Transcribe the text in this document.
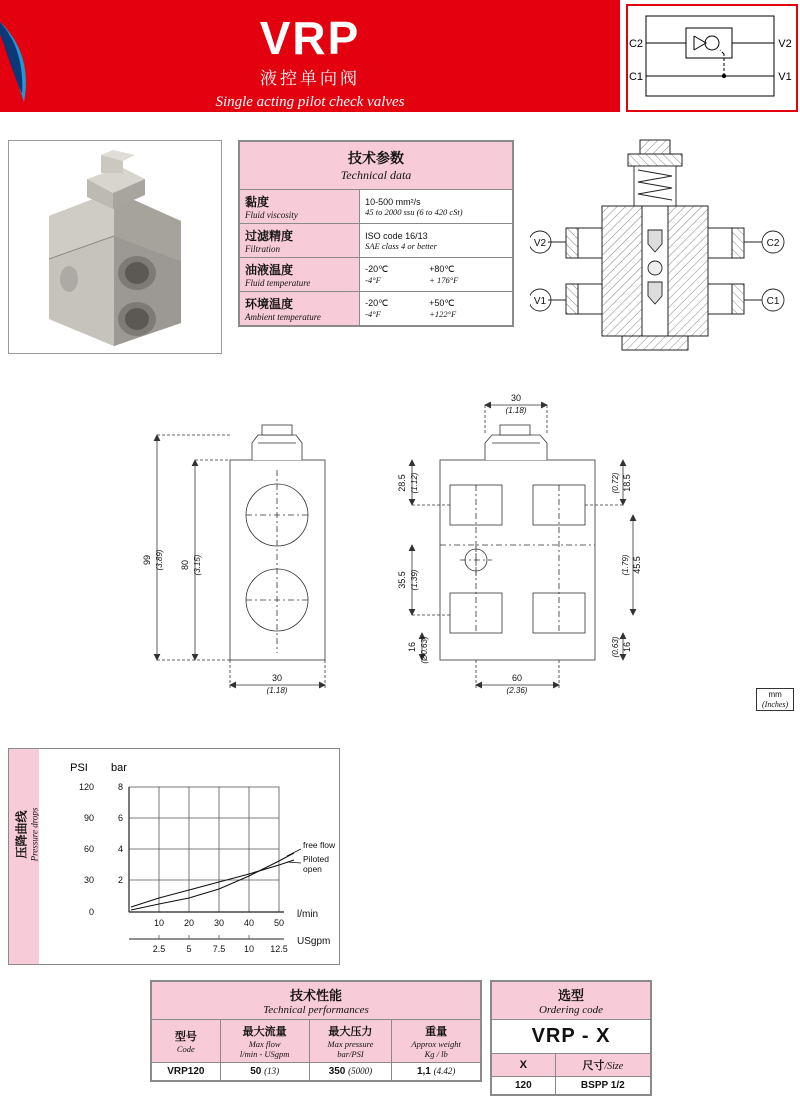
VRP
液控单向阀
Single acting pilot check valves
C2	V2
C1	V1
技术参数
Technical data	

黏度
Fluid viscosity

10-500 mm²/s
45 to 2000 ssu (6 to 420 cSt)

过滤精度
Filtration

ISO code 16/13
SAE class 4 or better

油液温度
Fluid temperature

-20℃	+80℃
-4°F	+ 176°F

环境温度
Ambient temperature

-20℃	+50℃
-4°F	+122°F
C2
C1
V2
V1
99 (3.89) 80 (3.15)
30
(1.18)
30
(1.18)
28.5 (1.12)
35.5 (1.39)
16 (Ø0.63)
18.5
(0.72)
45.5
(1.79)
16
(0.63)
60
(2.36)	mm
(Inches)
压降曲线 Pressure drops
PSI bar
120
90
60
30
0
8
6
4
2
10 20 30 40 50
2.5 5 7.5 10 12.5
l/min
USgpm
free flow
Piloted open
技术性能
Technical performances			

型号
Code

最大流量
Max flow
l/min - USgpm

最大压力
Max pressure
bar/PSI

重量
Approx weight
Kg / lb

VRP120	50 (13)	350 (5000)	1,1 (4.42)
选型
Ordering code	

VRP - X	
X	尺寸/Size
120	BSPP 1/2
